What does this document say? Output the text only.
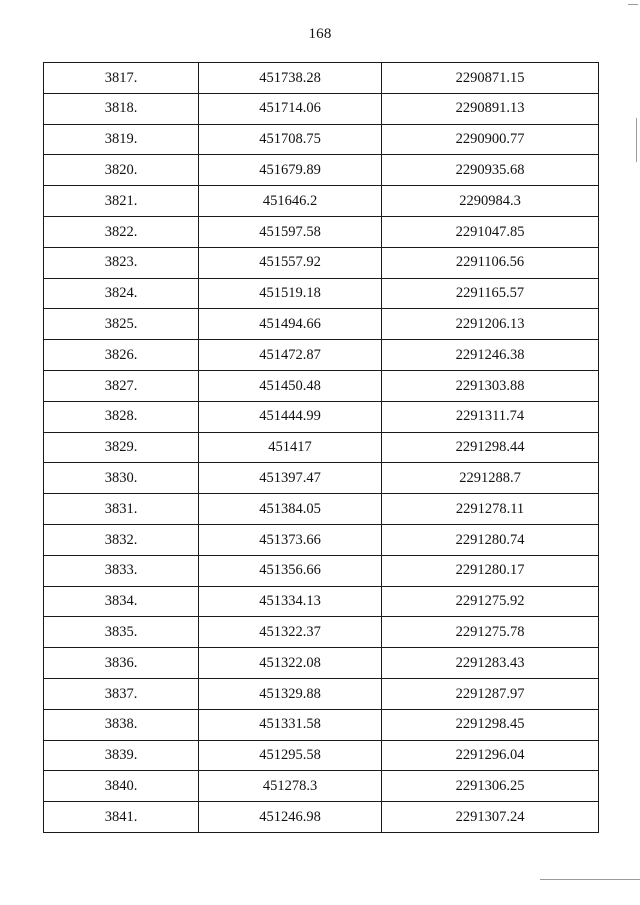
168
3817.	451738.28	2290871.15
3818.	451714.06	2290891.13
3819.	451708.75	2290900.77
3820.	451679.89	2290935.68
3821.	451646.2	2290984.3
3822.	451597.58	2291047.85
3823.	451557.92	2291106.56
3824.	451519.18	2291165.57
3825.	451494.66	2291206.13
3826.	451472.87	2291246.38
3827.	451450.48	2291303.88
3828.	451444.99	2291311.74
3829.	451417	2291298.44
3830.	451397.47	2291288.7
3831.	451384.05	2291278.11
3832.	451373.66	2291280.74
3833.	451356.66	2291280.17
3834.	451334.13	2291275.92
3835.	451322.37	2291275.78
3836.	451322.08	2291283.43
3837.	451329.88	2291287.97
3838.	451331.58	2291298.45
3839.	451295.58	2291296.04
3840.	451278.3	2291306.25
3841.	451246.98	2291307.24
